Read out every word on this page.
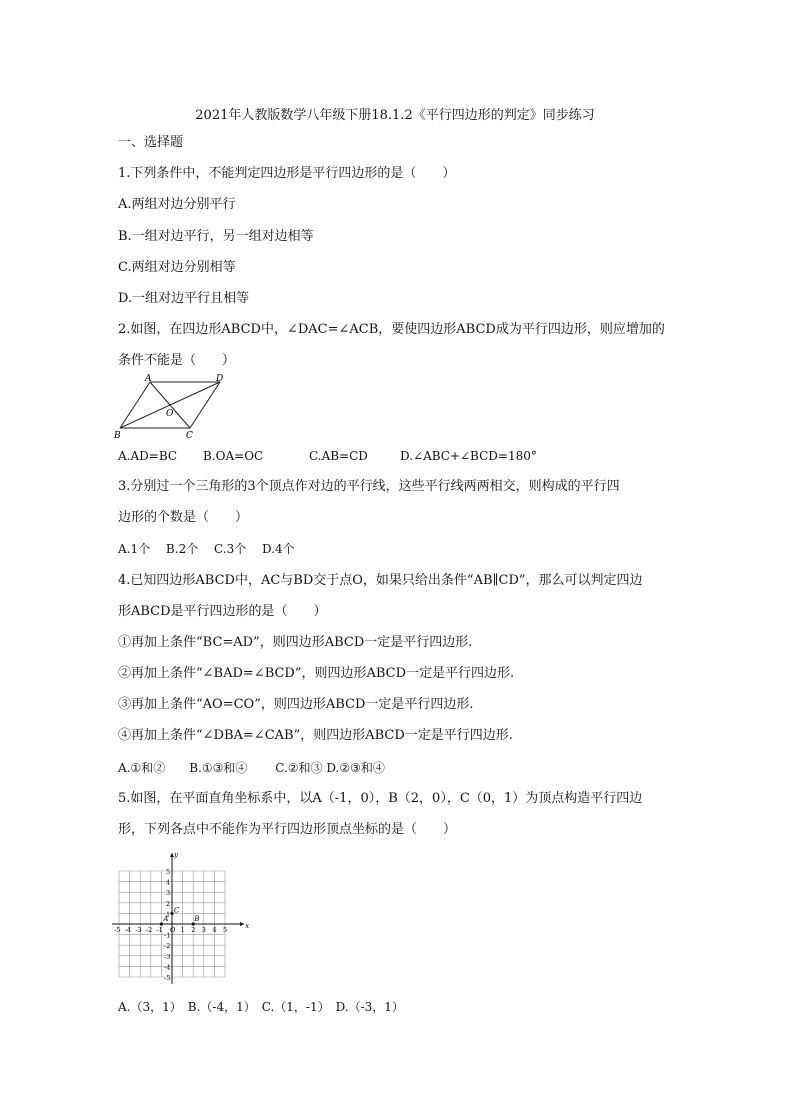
2021年人教版数学八年级下册18.1.2《平行四边形的判定》同步练习
一、选择题
1.下列条件中，不能判定四边形是平行四边形的是（　　）
A.两组对边分别平行
B.一组对边平行，另一组对边相等
C.两组对边分别相等
D.一组对边平行且相等
2.如图，在四边形ABCD中，∠DAC=∠ACB，要使四边形ABCD成为平行四边形，则应增加的
条件不能是（　　）
A	D
B	C
O
A.AD=BC B.OA=OC	C.AB=CD	D.∠ABC+∠BCD=180°
3.分别过一个三角形的3个顶点作对边的平行线，这些平行线两两相交，则构成的平行四
边形的个数是（　　）
A.1个　 B.2个　 C.3个　 D.4个
4.已知四边形ABCD中，AC与BD交于点O，如果只给出条件“AB∥CD”，那么可以判定四边
形ABCD是平行四边形的是（　　）
①再加上条件“BC=AD”，则四边形ABCD一定是平行四边形.
②再加上条件“∠BAD=∠BCD”，则四边形ABCD一定是平行四边形.
③再加上条件“AO=CO”，则四边形ABCD一定是平行四边形.
④再加上条件“∠DBA=∠CAB”，则四边形ABCD一定是平行四边形.
A.①和②　　B.①③和④　　 C.②和③ D.②③和④
5.如图，在平面直角坐标系中，以A（-1，0），B（2，0），C（0，1）为顶点构造平行四边
形，下列各点中不能作为平行四边形顶点坐标的是（　　）
x
y
-5 -4 -3 -2 -1 O 1 2 3 4 5
5
4
3
2
1
-1
-2
-3
-4
-5
A	B
C
A.（3，1）　B.（-4，1）　C.（1，-1）　D.（-3，1）
